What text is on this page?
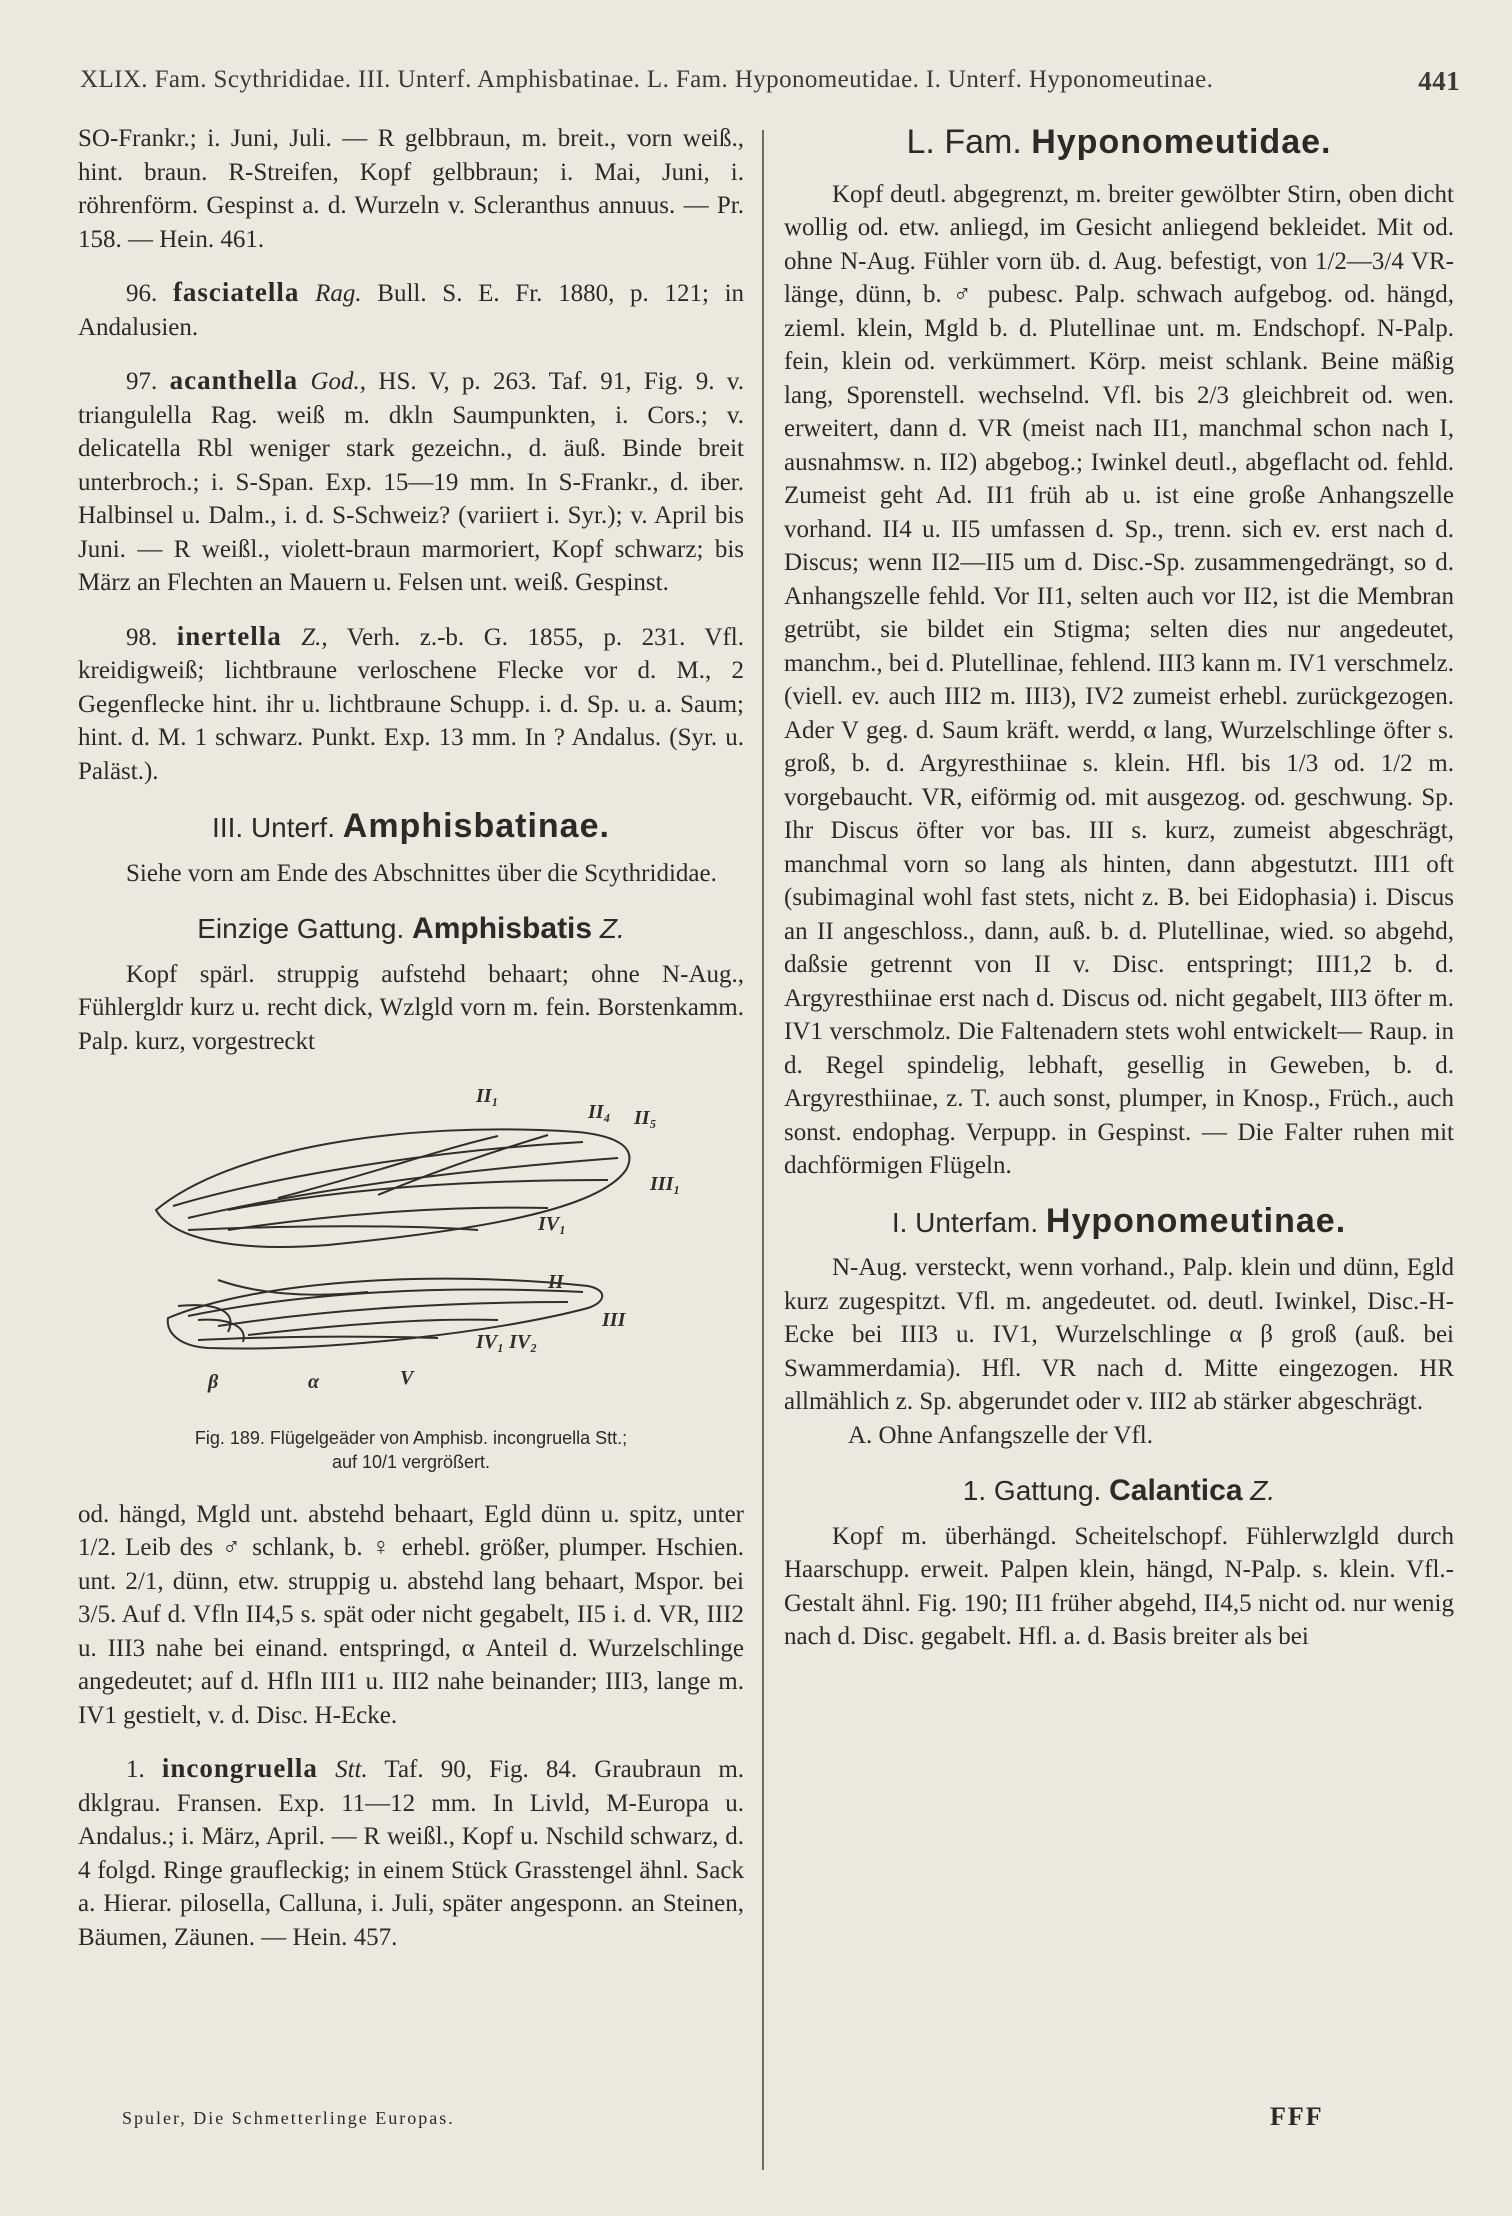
XLIX. Fam. Scythrididae. III. Unterf. Amphisbatinae. L. Fam. Hyponomeutidae. I. Unterf. Hyponomeutinae.	441

SO-Frankr.; i. Juni, Juli. — R gelbbraun, m. breit., vorn weiß., hint. braun. R-Streifen, Kopf gelbbraun; i. Mai, Juni, i. röhrenförm. Gespinst a. d. Wurzeln v. Scleranthus annuus. — Pr. 158. — Hein. 461.

96. fasciatella Rag. Bull. S. E. Fr. 1880, p. 121; in Andalusien.

97. acanthella God., HS. V, p. 263. Taf. 91, Fig. 9. v. triangulella Rag. weiß m. dkln Saumpunkten, i. Cors.; v. delicatella Rbl weniger stark gezeichn., d. äuß. Binde breit unterbroch.; i. S-Span. Exp. 15—19 mm. In S-Frankr., d. iber. Halbinsel u. Dalm., i. d. S-Schweiz? (variiert i. Syr.); v. April bis Juni. — R weißl., violett-braun marmoriert, Kopf schwarz; bis März an Flechten an Mauern u. Felsen unt. weiß. Gespinst.

98. inertella Z., Verh. z.-b. G. 1855, p. 231. Vfl. kreidigweiß; lichtbraune verloschene Flecke vor d. M., 2 Gegenflecke hint. ihr u. lichtbraune Schupp. i. d. Sp. u. a. Saum; hint. d. M. 1 schwarz. Punkt. Exp. 13 mm. In ? Andalus. (Syr. u. Paläst.).

III. Unterf. Amphisbatinae.

Siehe vorn am Ende des Abschnittes über die Scythrididae.

Einzige Gattung. Amphisbatis Z.

Kopf spärl. struppig aufstehd behaart; ohne N-Aug., Fühlergldr kurz u. recht dick, Wzlgld vorn m. fein. Borstenkamm. Palp. kurz, vorgestreckt

II₁
II₄ II₅
III₁
IV₁
II
III
IV₁ IV₂
β	α	V
Fig. 189. Flügelgeäder von Amphisb. incongruella Stt.;
auf 10/1 vergrößert.

od. hängd, Mgld unt. abstehd behaart, Egld dünn u. spitz, unter 1/2. Leib des ♂ schlank, b. ♀ erhebl. größer, plumper. Hschien. unt. 2/1, dünn, etw. struppig u. abstehd lang behaart, Mspor. bei 3/5. Auf d. Vfln II4,5 s. spät oder nicht gegabelt, II5 i. d. VR, III2 u. III3 nahe bei einand. entspringd, α Anteil d. Wurzelschlinge angedeutet; auf d. Hfln III1 u. III2 nahe beinander; III3, lange m. IV1 gestielt, v. d. Disc. H-Ecke.

1. incongruella Stt. Taf. 90, Fig. 84. Graubraun m. dklgrau. Fransen. Exp. 11—12 mm. In Livld, M-Europa u. Andalus.; i. März, April. — R weißl., Kopf u. Nschild schwarz, d. 4 folgd. Ringe graufleckig; in einem Stück Grasstengel ähnl. Sack a. Hierar. pilosella, Calluna, i. Juli, später angesponn. an Steinen, Bäumen, Zäunen. — Hein. 457.

L. Fam. Hyponomeutidae.

Kopf deutl. abgegrenzt, m. breiter gewölbter Stirn, oben dicht wollig od. etw. anliegd, im Gesicht anliegend bekleidet. Mit od. ohne N-Aug. Fühler vorn üb. d. Aug. befestigt, von 1/2—3/4 VR-länge, dünn, b. ♂ pubesc. Palp. schwach aufgebog. od. hängd, zieml. klein, Mgld b. d. Plutellinae unt. m. Endschopf. N-Palp. fein, klein od. verkümmert. Körp. meist schlank. Beine mäßig lang, Sporenstell. wechselnd. Vfl. bis 2/3 gleichbreit od. wen. erweitert, dann d. VR (meist nach II1, manchmal schon nach I, ausnahmsw. n. II2) abgebog.; Iwinkel deutl., abgeflacht od. fehld. Zumeist geht Ad. II1 früh ab u. ist eine große Anhangszelle vorhand. II4 u. II5 umfassen d. Sp., trenn. sich ev. erst nach d. Discus; wenn II2—II5 um d. Disc.-Sp. zusammengedrängt, so d. Anhangszelle fehld. Vor II1, selten auch vor II2, ist die Membran getrübt, sie bildet ein Stigma; selten dies nur angedeutet, manchm., bei d. Plutellinae, fehlend. III3 kann m. IV1 verschmelz. (viell. ev. auch III2 m. III3), IV2 zumeist erhebl. zurückgezogen. Ader V geg. d. Saum kräft. werdd, α lang, Wurzelschlinge öfter s. groß, b. d. Argyresthiinae s. klein. Hfl. bis 1/3 od. 1/2 m. vorgebaucht. VR, eiförmig od. mit ausgezog. od. geschwung. Sp. Ihr Discus öfter vor bas. III s. kurz, zumeist abgeschrägt, manchmal vorn so lang als hinten, dann abgestutzt. III1 oft (subimaginal wohl fast stets, nicht z. B. bei Eidophasia) i. Discus an II angeschloss., dann, auß. b. d. Plutellinae, wied. so abgehd, daßsie getrennt von II v. Disc. entspringt; III1,2 b. d. Argyresthiinae erst nach d. Discus od. nicht gegabelt, III3 öfter m. IV1 verschmolz. Die Faltenadern stets wohl entwickelt— Raup. in d. Regel spindelig, lebhaft, gesellig in Geweben, b. d. Argyresthiinae, z. T. auch sonst, plumper, in Knosp., Früch., auch sonst. endophag. Verpupp. in Gespinst. — Die Falter ruhen mit dachförmigen Flügeln.

I. Unterfam. Hyponomeutinae.

N-Aug. versteckt, wenn vorhand., Palp. klein und dünn, Egld kurz zugespitzt. Vfl. m. angedeutet. od. deutl. Iwinkel, Disc.-H-Ecke bei III3 u. IV1, Wurzelschlinge α β groß (auß. bei Swammerdamia). Hfl. VR nach d. Mitte eingezogen. HR allmählich z. Sp. abgerundet oder v. III2 ab stärker abgeschrägt.

A. Ohne Anfangszelle der Vfl.

1. Gattung. Calantica Z.

Kopf m. überhängd. Scheitelschopf. Fühlerwzlgld durch Haarschupp. erweit. Palpen klein, hängd, N-Palp. s. klein. Vfl.-Gestalt ähnl. Fig. 190; II1 früher abgehd, II4,5 nicht od. nur wenig nach d. Disc. gegabelt. Hfl. a. d. Basis breiter als bei

Spuler, Die Schmetterlinge Europas.	FFF
